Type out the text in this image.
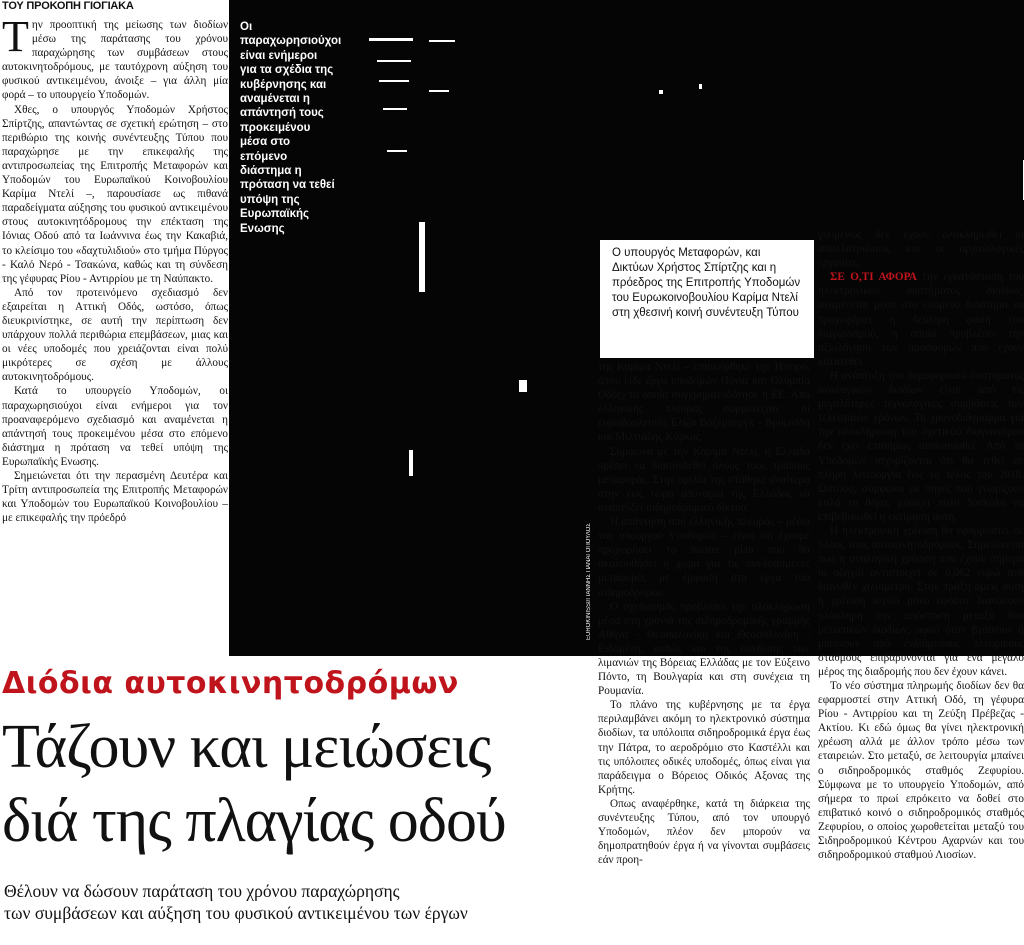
ΤΟΥ ΠΡΟΚΟΠΗ ΓΙΟΓΙΑΚΑ

Την προοπτική της μείωσης των διοδίων μέσω της παράτασης του χρόνου παραχώρησης των συμβάσεων στους αυτοκινητοδρόμους, με ταυτόχρονη αύξηση του φυσικού αντικειμένου, άνοιξε – για άλλη μία φορά – το υπουργείο Υποδομών.

Χθες, ο υπουργός Υποδομών Χρήστος Σπίρτζης, απαντώντας σε σχετική ερώτηση – στο περιθώριο της κοινής συνέντευξης Τύπου που παραχώρησε με την επικεφαλής της αντιπροσωπείας της Επιτροπής Μεταφορών και Υποδομών του Ευρωπαϊκού Κοινοβουλίου Καρίμα Ντελί –, παρουσίασε ως πιθανά παραδείγματα αύξησης του φυσικού αντικειμένου στους αυτοκινητόδρομους την επέκταση της Ιόνιας Οδού από τα Ιωάννινα έως την Κακαβιά, το κλείσιμο του «δαχτυλιδιού» στο τμήμα Πύργος - Καλό Νερό - Τσακώνα, καθώς και τη σύνδεση της γέφυρας Ρίου - Αντιρρίου με τη Ναύπακτο.

Από τον προτεινόμενο σχεδιασμό δεν εξαιρείται η Αττική Οδός, ωστόσο, όπως διευκρινίστηκε, σε αυτή την περίπτωση δεν υπάρχουν πολλά περιθώρια επεμβάσεων, μιας και οι νέες υποδομές που χρειάζονται είναι πολύ μικρότερες σε σχέση με άλλους αυτοκινητοδρόμους.

Κατά το υπουργείο Υποδομών, οι παραχωρησιούχοι είναι ενήμεροι για τον προαναφερόμενο σχεδιασμό και αναμένεται η απάντησή τους προκειμένου μέσα στο επόμενο διάστημα η πρόταση να τεθεί υπόψη της Ευρωπαϊκής Ενωσης.

Σημειώνεται ότι την περασμένη Δευτέρα και Τρίτη αντιπροσωπεία της Επιτροπής Μεταφορών και Υποδομών του Ευρωπαϊκού Κοινοβουλίου – με επικεφαλής την πρόεδρό

Οι παραχωρησιούχοι είναι ενήμεροι για τα σχέδια της κυβέρνησης και αναμένεται η απάντησή τους προκειμένου μέσα στο επόμενο διάστημα η πρόταση να τεθεί υπόψη της Ευρωπαϊκής Ενωσης
Ο υπουργός Μεταφορών, και Δικτύων Χρήστος Σπίρτζης και η πρόεδρος της Επιτροπής Υποδομών του Ευρωκοινοβουλίου Καρίμα Ντελί στη χθεσινή κοινή συνέντευξη Τύπου
EUROKINISSI/ΓΙΑΝΝΗΣ ΠΑΝΑΓΟΠΟΥΛΟΣ

της Καρίμα Ντελί – επισκέφθηκε την Ηπειρο, όπου είδε έργα υποδομών (Ιόνια και Ολυμπία Οδός) τα οποία συγχρηματοδότησε η ΕΕ. Από ελληνικής πλευράς συμμετείχαν οι ευρωβουλευτές Ελίζα Βόζεμπεργκ - Βρυωνίδη και Μιλτιάδης Κύρκος.

Σύμφωνα με την Καρίμα Ντελί, η Ελλάδα πρέπει να διασυνδεθεί όλους τους τρόπους μεταφοράς. Στην ομιλία της στάθηκε ιδιαίτερα στην έως τώρα αδυναμία της Ελλάδας να αναπτύξει σιδηροδρομικό δίκτυο.

Η απάντηση από ελληνικής πλευράς – μέσω του υπουργού Υποδομών – είναι ότι έχουμε προχωρήσει το master plan που θα ακολουθήσει η χώρα για τις συνδυασμένες μεταφορές με έμφαση στα έργα του σιδηροδρόμου.

Ο σχεδιασμός προβλέπει την ολοκλήρωση μέσα στη χρονιά της σιδηροδρομικής γραμμής Αθήνα - Θεσσαλονίκη και Θεσσαλονίκη - Ειδομένη, καθώς και της σύνδεσης των λιμανιών της Βόρειας Ελλάδας με τον Εύξεινο Πόντο, τη Βουλγαρία και στη συνέχεια τη Ρουμανία.

Το πλάνο της κυβέρνησης με τα έργα περιλαμβάνει ακόμη το ηλεκτρονικό σύστημα διοδίων, τα υπόλοιπα σιδηροδρομικά έργα έως την Πάτρα, το αεροδρόμιο στο Καστέλλι και τις υπόλοιπες οδικές υποδομές, όπως είναι για παράδειγμα ο Βόρειος Οδικός Αξονας της Κρήτης.

Οπως αναφέρθηκε, κατά τη διάρκεια της συνέντευξης Τύπου, από τον υπουργό Υποδομών, πλέον δεν μπορούν να δημοπρατηθούν έργα ή να γίνονται συμβάσεις εάν προη-

γουμένως δεν έχουν ολοκληρωθεί οι απαλλοτριώσεις και οι αρχαιολογικές εργασίες.

ΣΕ Ο,ΤΙ ΑΦΟΡΑ την εγκατάσταση του ηλεκτρονικού συστήματος διοδίων, αναμένεται μέσα στο επόμενο διάστημα να προχωρήσει η δεύτερη φάση του διαγωνισμού, η οποία προβλέπει την αξιολόγηση των προσφορών που έχουν κατατεθεί.

Η ανάπτυξη του δορυφορικού συστήματος αναλογικών διοδίων είναι από τις μεγαλύτερες τεχνολογικές συμβάσεις των τελευταίων χρόνων. Το χρονοδιάγραμμα για την ολοκλήρωση του σχετικού διαγωνισμού δεν έχει επισήμως ανακοινωθεί. Από το Υποδομών ισχυρίζονται ότι θα τεθεί σε πλήρη λειτουργία έως το τέλος του 2018. Ωστόσο, σύμφωνα με πηγές που γνωρίζουν καλά το θέμα, μοιάζει πολύ δύσκολο να επιβεβαιωθεί η εκτίμηση αυτή.

Η ηλεκτρονική χρέωση θα εφαρμοστεί σε όλους τους αυτοκινητοδρόμους. Σημειώνεται πως η αναλογική χρέωση που έχουν σήμερα οι οδηγοί αντιστοιχεί σε 0,062 ευρώ ανά διανυθέν χιλιόμετρο. Στην πράξη όμως αυτή η χρέωση ισχύει μόνο εφόσον διανύσουν ολόκληρη την απόσταση μεταξύ δύο μετωπικών διοδίων, αφού όταν βγαίνουν ή μπαίνουν από ενδιάμεσους πλευρικούς σταθμούς επιβαρύνονται για ένα μεγάλο μέρος της διαδρομής που δεν έχουν κάνει.

Το νέο σύστημα πληρωμής διοδίων δεν θα εφαρμοστεί στην Αττική Οδό, τη γέφυρα Ρίου - Αντιρρίου και τη Ζεύξη Πρέβεζας - Ακτίου. Κι εδώ όμως θα γίνει ηλεκτρονική χρέωση αλλά με άλλον τρόπο μέσω των εταιρειών. Στο μεταξύ, σε λειτουργία μπαίνει ο σιδηροδρομικός σταθμός Ζεφυρίου. Σύμφωνα με το υπουργείο Υποδομών, από σήμερα το πρωί επρόκειτο να δοθεί στο επιβατικό κοινό ο σιδηροδρομικός σταθμός Ζεφυρίου, ο οποίος χωροθετείται μεταξύ του Σιδηροδρομικού Κέντρου Αχαρνών και του σιδηροδρομικού σταθμού Λιοσίων.

Διόδια αυτοκινητοδρόμων
Τάζουν και μειώσεις
διά της πλαγίας οδού
Θέλουν να δώσουν παράταση του χρόνου παραχώρησης
των συμβάσεων και αύξηση του φυσικού αντικειμένου των έργων
